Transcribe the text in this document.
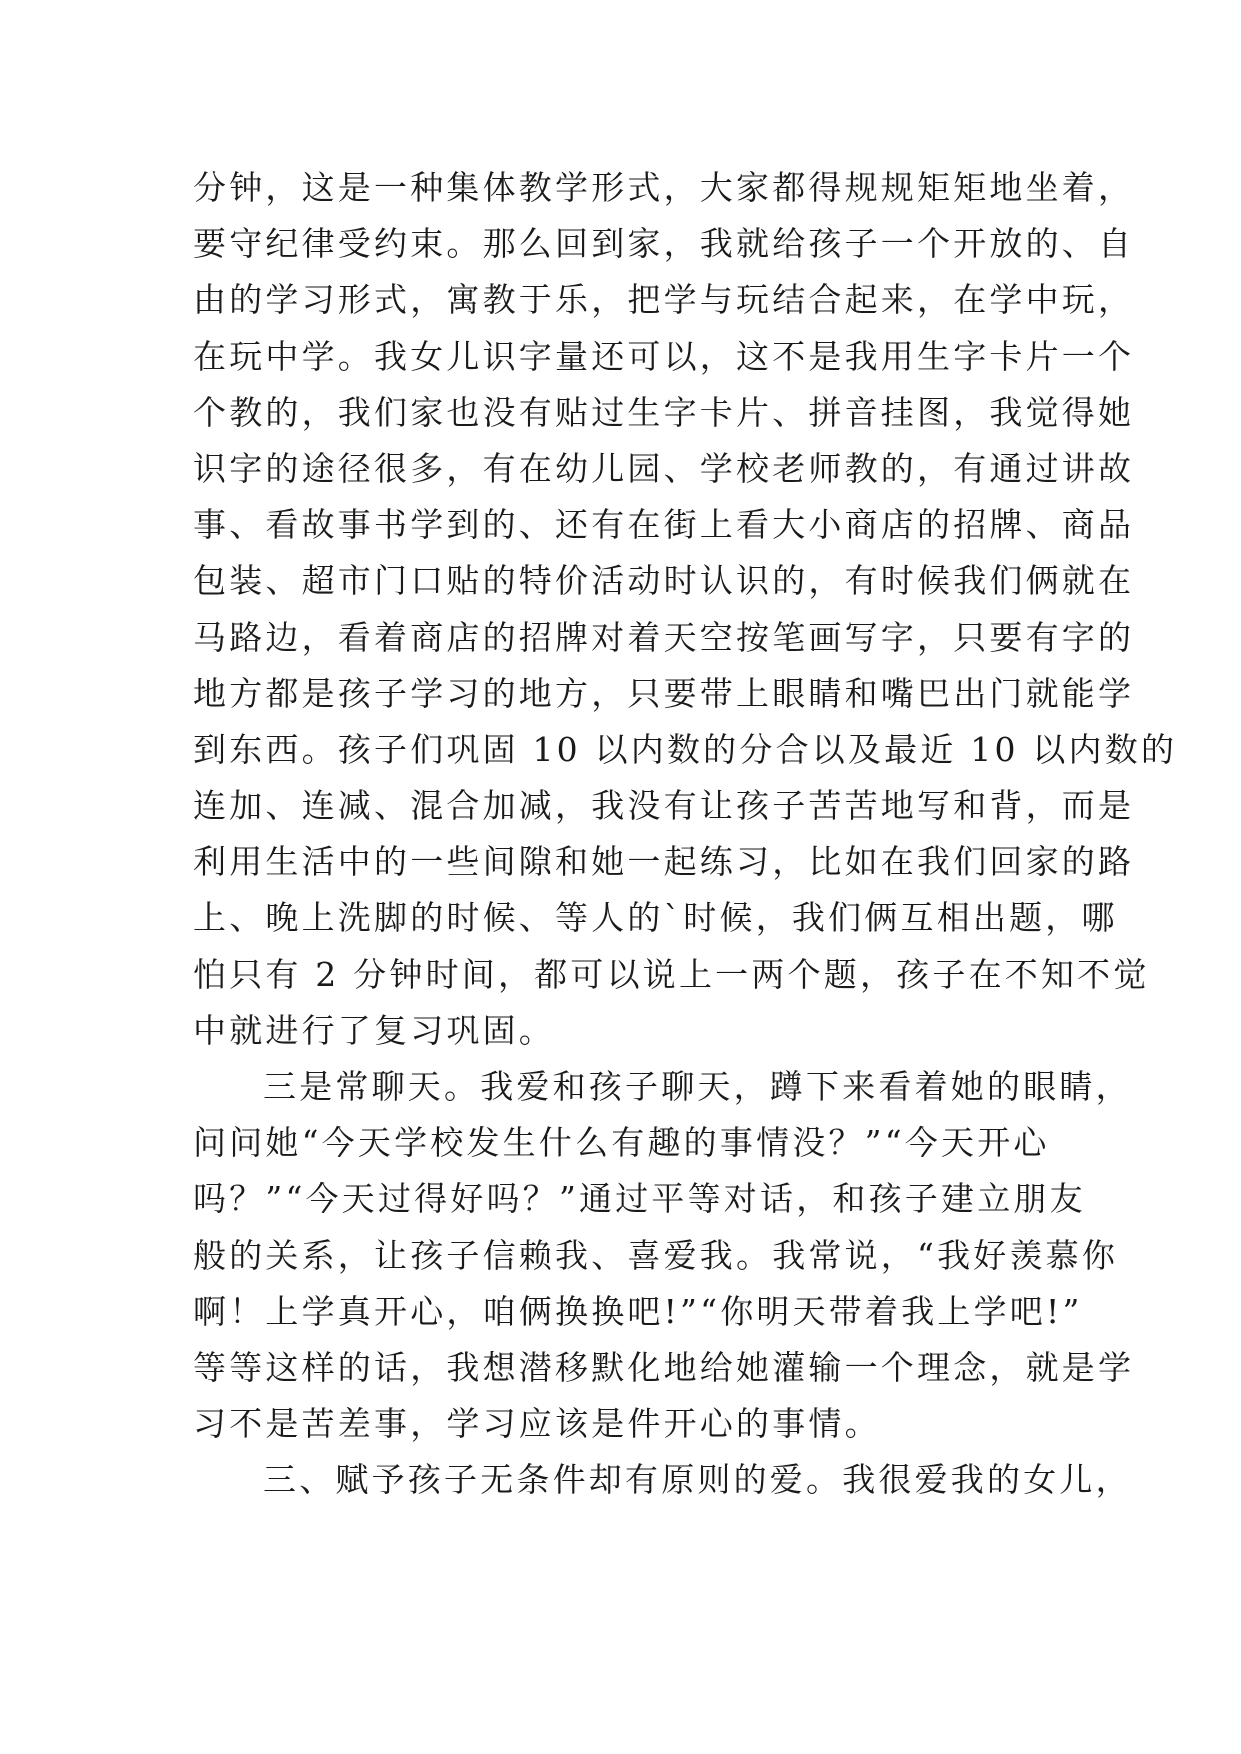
分钟，这是一种集体教学形式，大家都得规规矩矩地坐着，
要守纪律受约束。那么回到家，我就给孩子一个开放的、自
由的学习形式，寓教于乐，把学与玩结合起来，在学中玩，
在玩中学。我女儿识字量还可以，这不是我用生字卡片一个
个教的，我们家也没有贴过生字卡片、拼音挂图，我觉得她
识字的途径很多，有在幼儿园、学校老师教的，有通过讲故
事、看故事书学到的、还有在街上看大小商店的招牌、商品
包装、超市门口贴的特价活动时认识的，有时候我们俩就在
马路边，看着商店的招牌对着天空按笔画写字，只要有字的
地方都是孩子学习的地方，只要带上眼睛和嘴巴出门就能学
到东西。孩子们巩固 10 以内数的分合以及最近 10 以内数的
连加、连减、混合加减，我没有让孩子苦苦地写和背，而是
利用生活中的一些间隙和她一起练习，比如在我们回家的路
上、晚上洗脚的时候、等人的`时候，我们俩互相出题，哪
怕只有 2 分钟时间，都可以说上一两个题，孩子在不知不觉
中就进行了复习巩固。
三是常聊天。我爱和孩子聊天，蹲下来看着她的眼睛，
问问她“今天学校发生什么有趣的事情没？”“今天开心
吗？”“今天过得好吗？”通过平等对话，和孩子建立朋友
般的关系，让孩子信赖我、喜爱我。我常说，“我好羡慕你
啊！上学真开心，咱俩换换吧!”“你明天带着我上学吧!”
等等这样的话，我想潜移默化地给她灌输一个理念，就是学
习不是苦差事，学习应该是件开心的事情。
三、赋予孩子无条件却有原则的爱。我很爱我的女儿，
